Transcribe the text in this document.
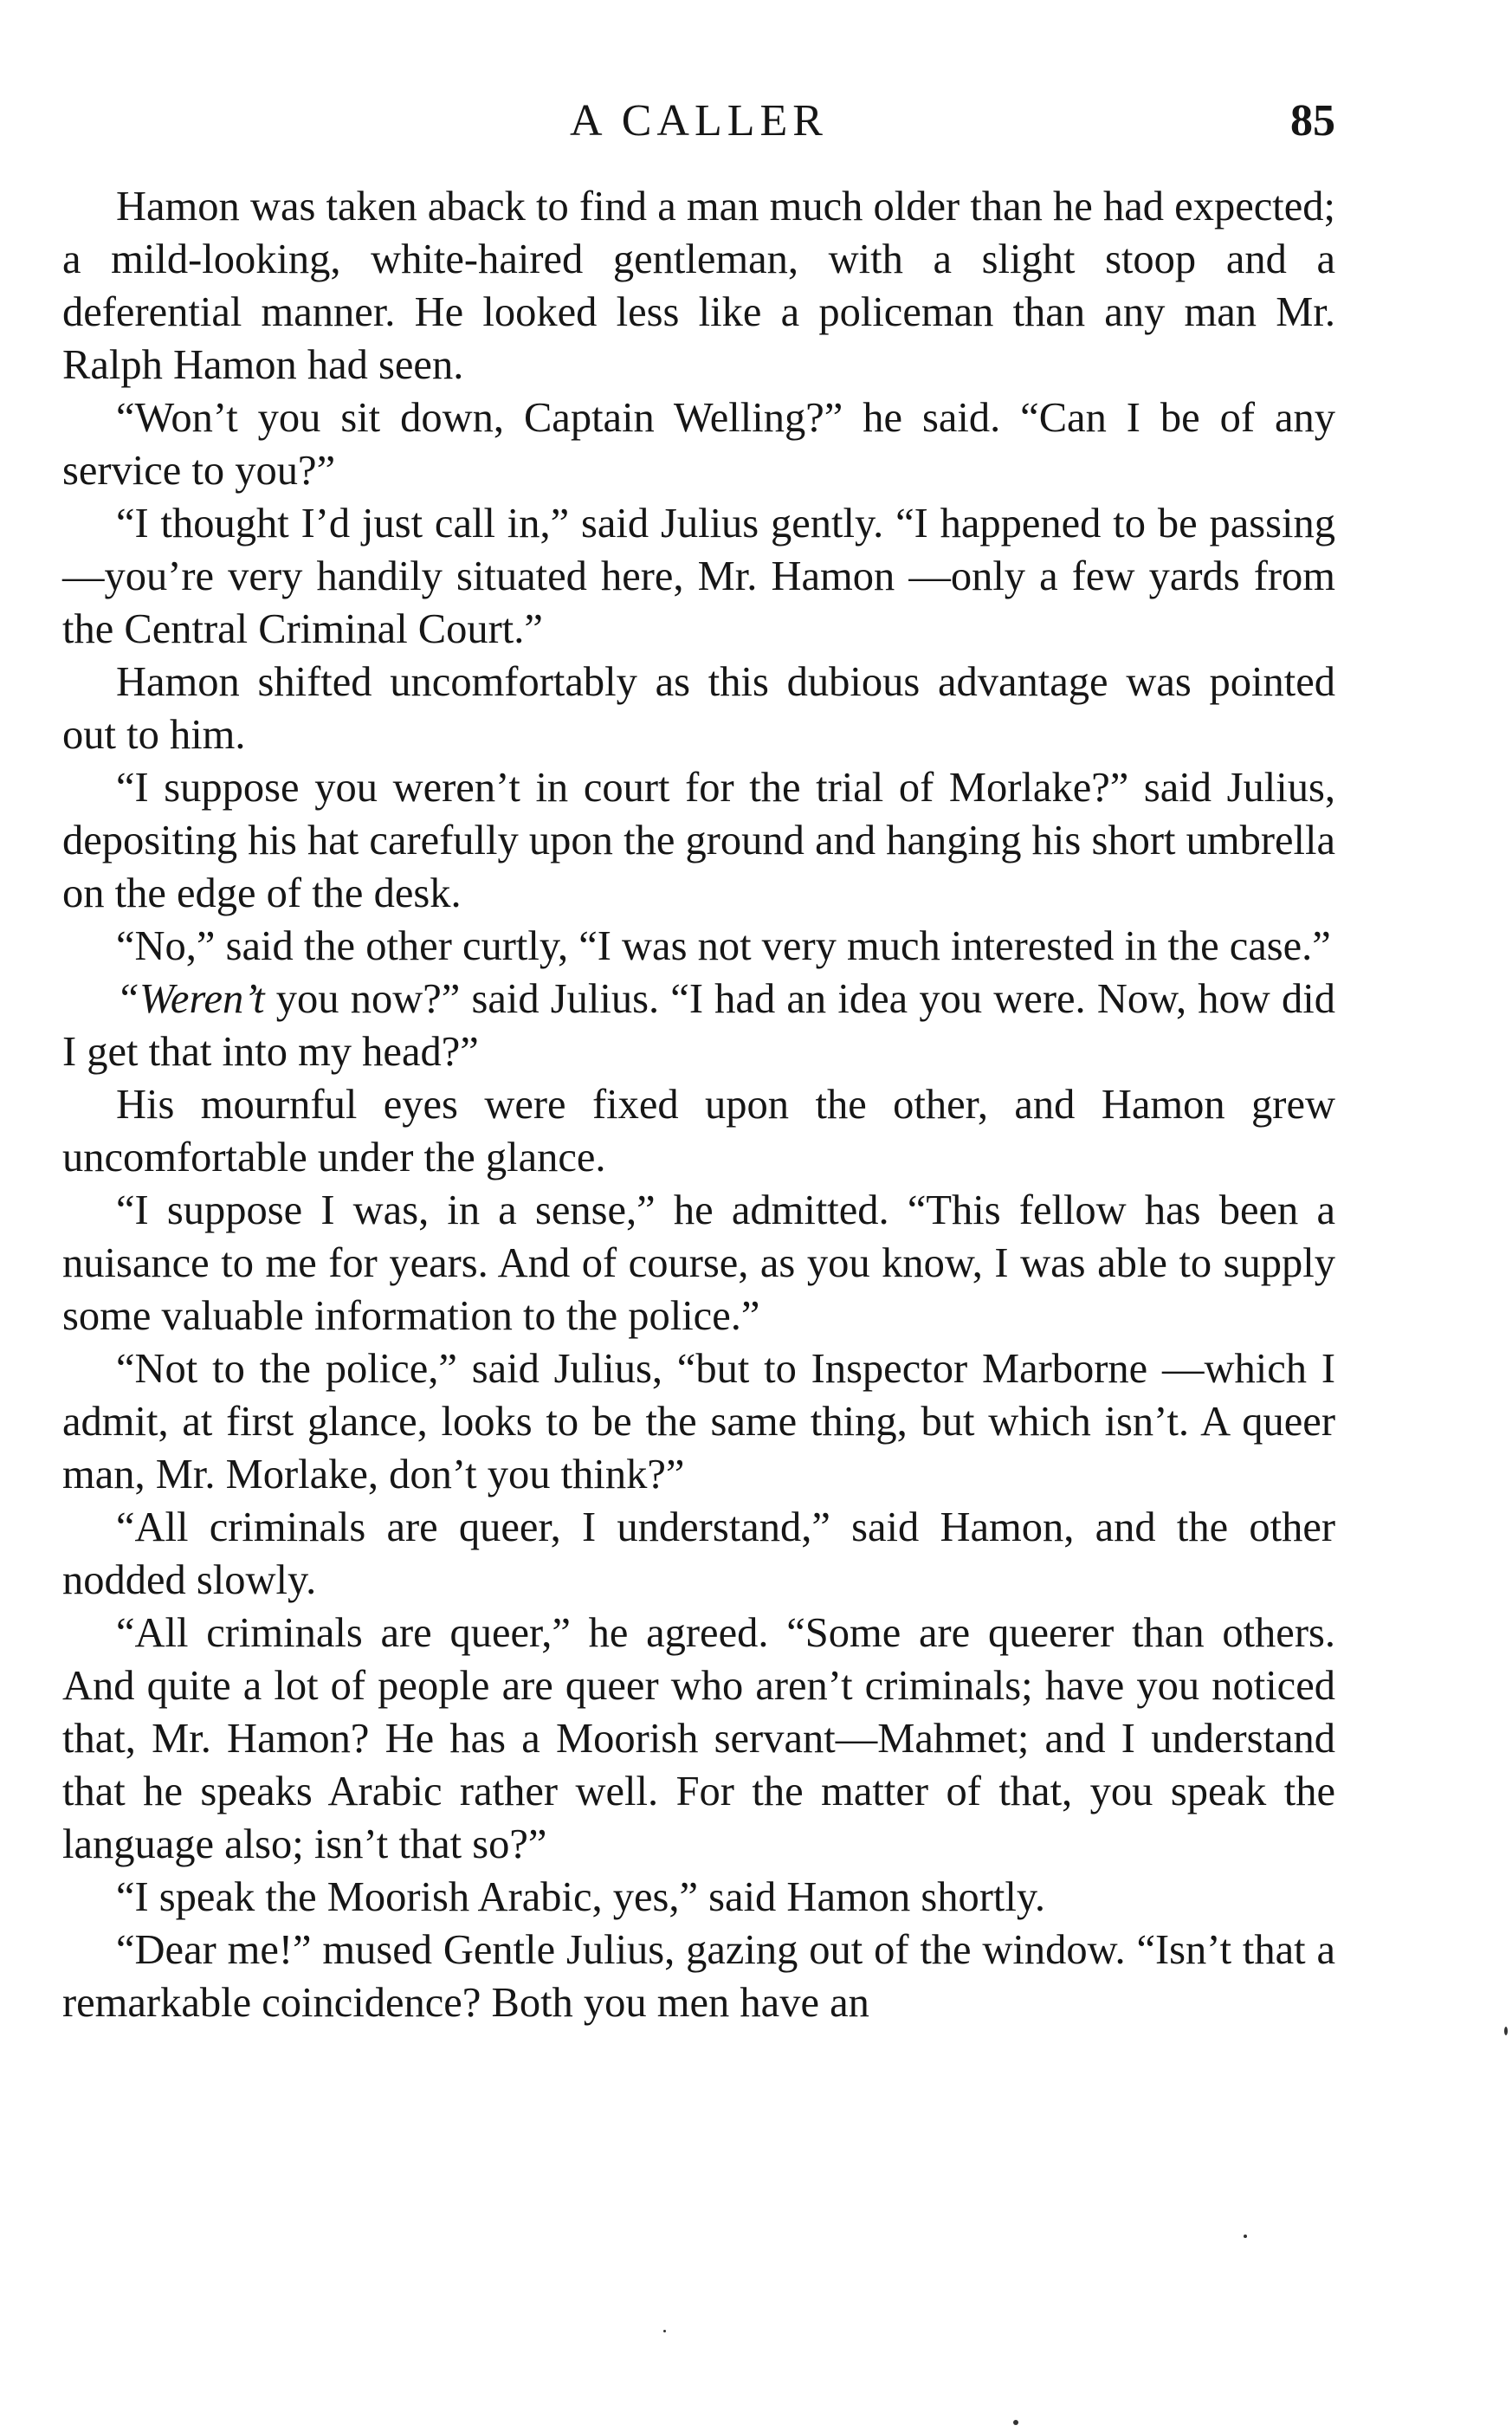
A CALLER	85

Hamon was taken aback to find a man much older than he had expected; a mild-looking, white-haired gentleman, with a slight stoop and a deferential manner. He looked less like a policeman than any man Mr. Ralph Hamon had seen.

“Won’t you sit down, Captain Welling?” he said. “Can I be of any service to you?”

“I thought I’d just call in,” said Julius gently. “I happened to be passing—you’re very handily situated here, Mr. Hamon —only a few yards from the Central Criminal Court.”

Hamon shifted uncomfortably as this dubious advantage was pointed out to him.

“I suppose you weren’t in court for the trial of Morlake?” said Julius, depositing his hat carefully upon the ground and hanging his short umbrella on the edge of the desk.

“No,” said the other curtly, “I was not very much interested in the case.”

“Weren’t you now?” said Julius. “I had an idea you were. Now, how did I get that into my head?”

His mournful eyes were fixed upon the other, and Hamon grew uncomfortable under the glance.

“I suppose I was, in a sense,” he admitted. “This fellow has been a nuisance to me for years. And of course, as you know, I was able to supply some valuable information to the police.”

“Not to the police,” said Julius, “but to Inspector Marborne —which I admit, at first glance, looks to be the same thing, but which isn’t. A queer man, Mr. Morlake, don’t you think?”

“All criminals are queer, I understand,” said Hamon, and the other nodded slowly.

“All criminals are queer,” he agreed. “Some are queerer than others. And quite a lot of people are queer who aren’t criminals; have you noticed that, Mr. Hamon? He has a Moorish servant—Mahmet; and I understand that he speaks Arabic rather well. For the matter of that, you speak the language also; isn’t that so?”

“I speak the Moorish Arabic, yes,” said Hamon shortly.

“Dear me!” mused Gentle Julius, gazing out of the window. “Isn’t that a remarkable coincidence? Both you men have an
